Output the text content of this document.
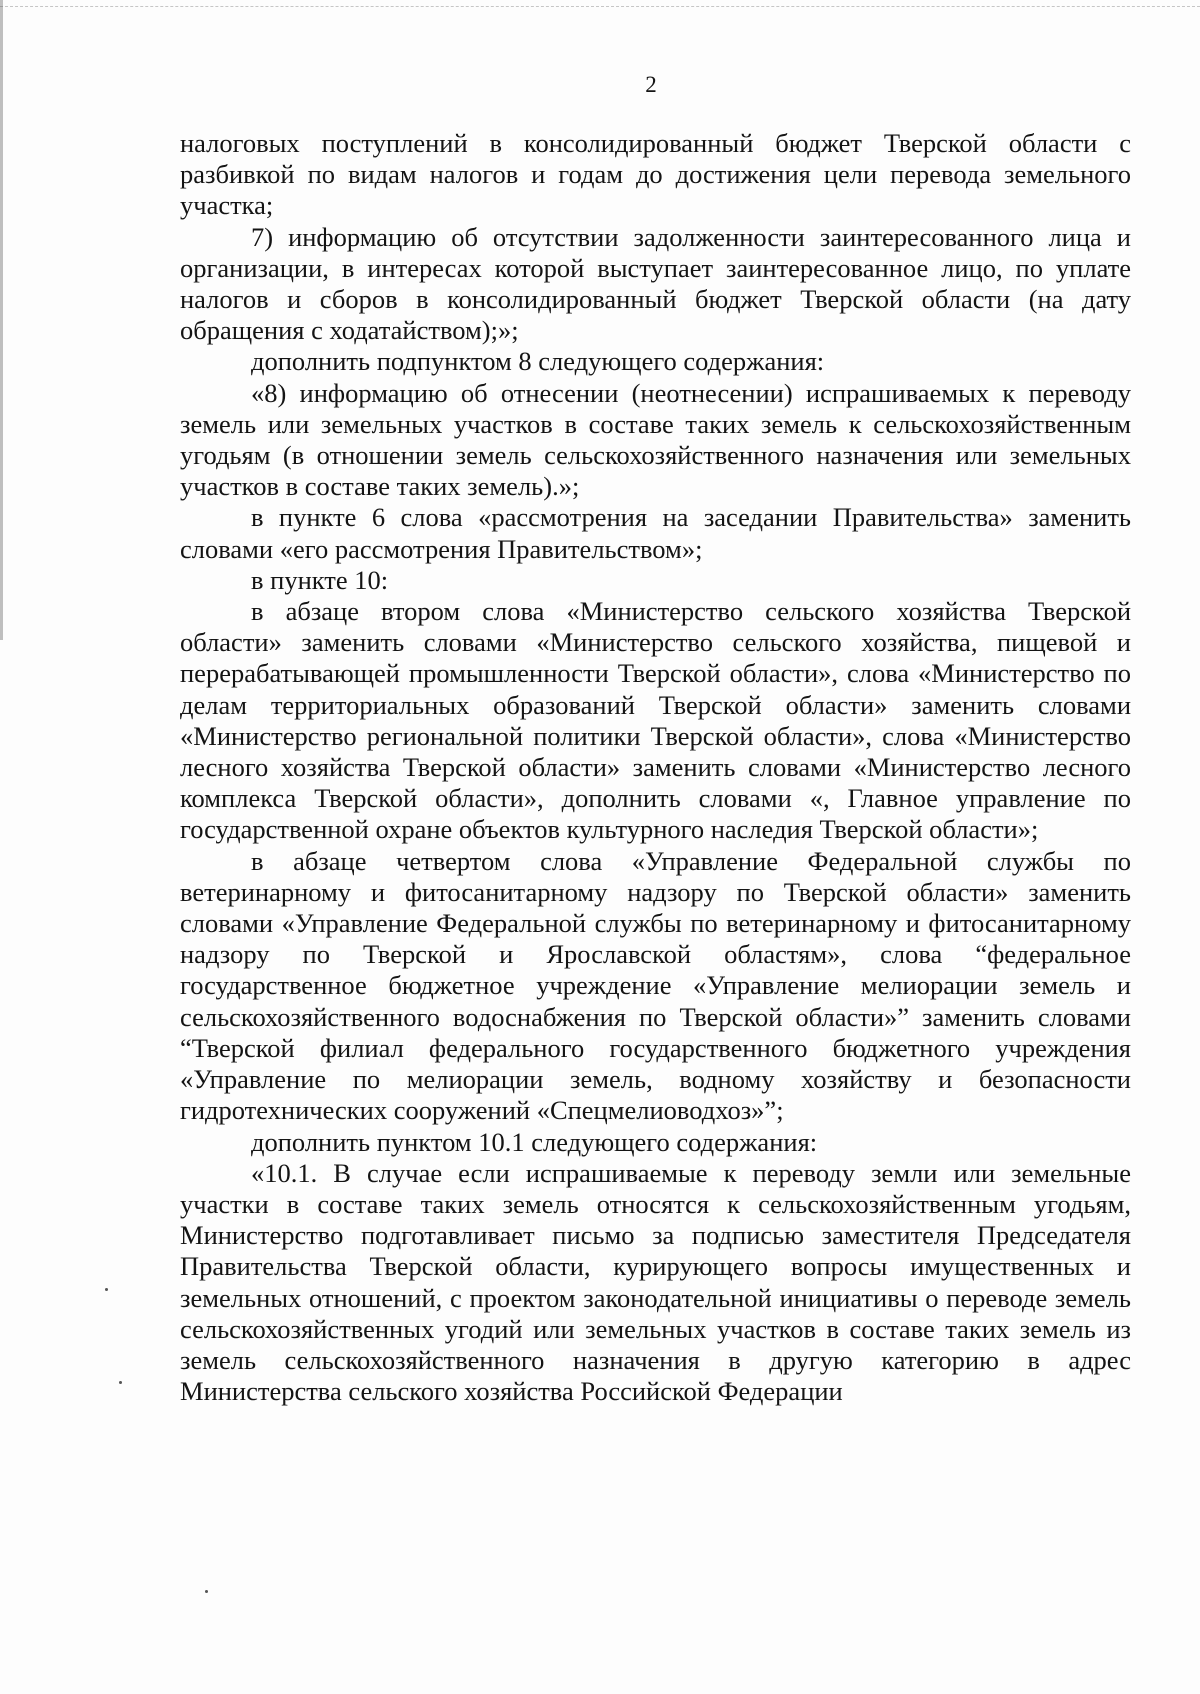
2

налоговых поступлений в консолидированный бюджет Тверской области с разбивкой по видам налогов и годам до достижения цели перевода земельного участка;

7) информацию об отсутствии задолженности заинтересованного лица и организации, в интересах которой выступает заинтересованное лицо, по уплате налогов и сборов в консолидированный бюджет Тверской области (на дату обращения с ходатайством);»;

дополнить подпунктом 8 следующего содержания:

«8) информацию об отнесении (неотнесении) испрашиваемых к переводу земель или земельных участков в составе таких земель к сельскохозяйственным угодьям (в отношении земель сельскохозяйственного назначения или земельных участков в составе таких земель).»;

в пункте 6 слова «рассмотрения на заседании Правительства» заменить словами «его рассмотрения Правительством»;

в пункте 10:

в абзаце втором слова «Министерство сельского хозяйства Тверской области» заменить словами «Министерство сельского хозяйства, пищевой и перерабатывающей промышленности Тверской области», слова «Министерство по делам территориальных образований Тверской области» заменить словами «Министерство региональной политики Тверской области», слова «Министерство лесного хозяйства Тверской области» заменить словами «Министерство лесного комплекса Тверской области», дополнить словами «, Главное управление по государственной охране объектов культурного наследия Тверской области»;

в абзаце четвертом слова «Управление Федеральной службы по ветеринарному и фитосанитарному надзору по Тверской области» заменить словами «Управление Федеральной службы по ветеринарному и фитосанитарному надзору по Тверской и Ярославской областям», слова “федеральное государственное бюджетное учреждение «Управление мелиорации земель и сельскохозяйственного водоснабжения по Тверской области»” заменить словами “Тверской филиал федерального государственного бюджетного учреждения «Управление по мелиорации земель, водному хозяйству и безопасности гидротехнических сооружений «Спецмелиоводхоз»”;

дополнить пунктом 10.1 следующего содержания:

«10.1. В случае если испрашиваемые к переводу земли или земельные участки в составе таких земель относятся к сельскохозяйственным угодьям, Министерство подготавливает письмо за подписью заместителя Председателя Правительства Тверской области, курирующего вопросы имущественных и земельных отношений, с проектом законодательной инициативы о переводе земель сельскохозяйственных угодий или земельных участков в составе таких земель из земель сельскохозяйственного назначения в другую категорию в адрес Министерства сельского хозяйства Российской Федерации
